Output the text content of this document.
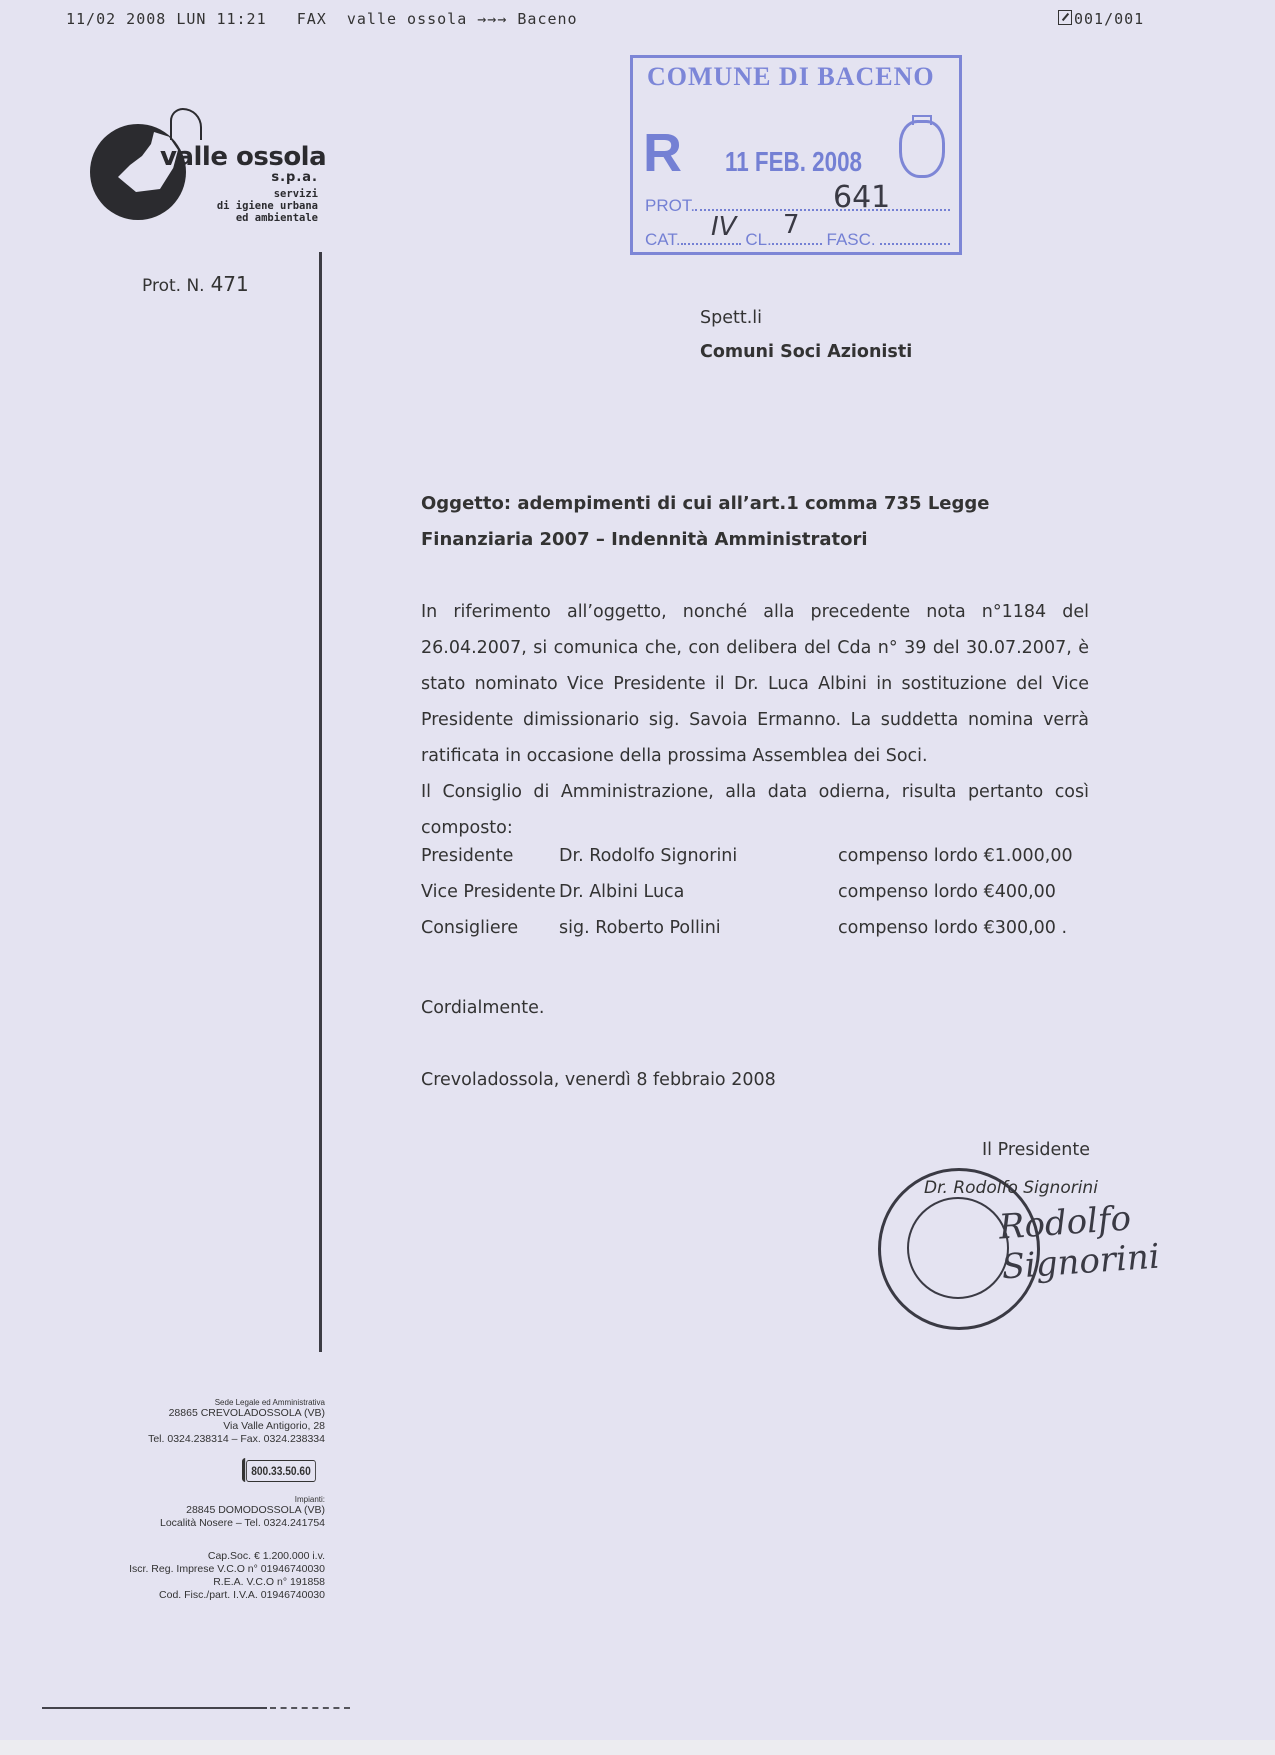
11/02 2008 LUN 11:21 FAX valle ossola →→→ Baceno	001/001
valle ossola
s.p.a.
servizi
di igiene urbana
ed ambientale
COMUNE DI BACENO
R 11 FEB. 2008
PROT.
CAT.	CL.	FASC.
641
IV 7
Prot. N. 471
Spett.li
Comuni Soci Azionisti
Oggetto: adempimenti di cui all’art.1 comma 735 Legge Finanziaria 2007 – Indennità Amministratori
In riferimento all’oggetto, nonché alla precedente nota n°1184 del 26.04.2007, si comunica che, con delibera del Cda n° 39 del 30.07.2007, è stato nominato Vice Presidente il Dr. Luca Albini in sostituzione del Vice Presidente dimissionario sig. Savoia Ermanno. La suddetta nomina verrà ratificata in occasione della prossima Assemblea dei Soci.
Il Consiglio di Amministrazione, alla data odierna, risulta pertanto così composto:
Presidente	Dr. Rodolfo Signorini	compenso lordo €1.000,00
Vice Presidente Dr. Albini Luca	compenso lordo €400,00
Consigliere sig. Roberto Pollini	compenso lordo €300,00 .
Cordialmente.
Crevoladossola, venerdì 8 febbraio 2008
Il Presidente
Dr. Rodolfo Signorini
Rodolfo Signorini
Sede Legale ed Amministrativa
28865 CREVOLADOSSOLA (VB)
Via Valle Antigorio, 28
Tel. 0324.238314 – Fax. 0324.238334
800.33.50.60
Impianti:
28845 DOMODOSSOLA (VB)
Località Nosere – Tel. 0324.241754
Cap.Soc. € 1.200.000 i.v.
Iscr. Reg. Imprese V.C.O n° 01946740030
R.E.A. V.C.O n° 191858
Cod. Fisc./part. I.V.A. 01946740030
